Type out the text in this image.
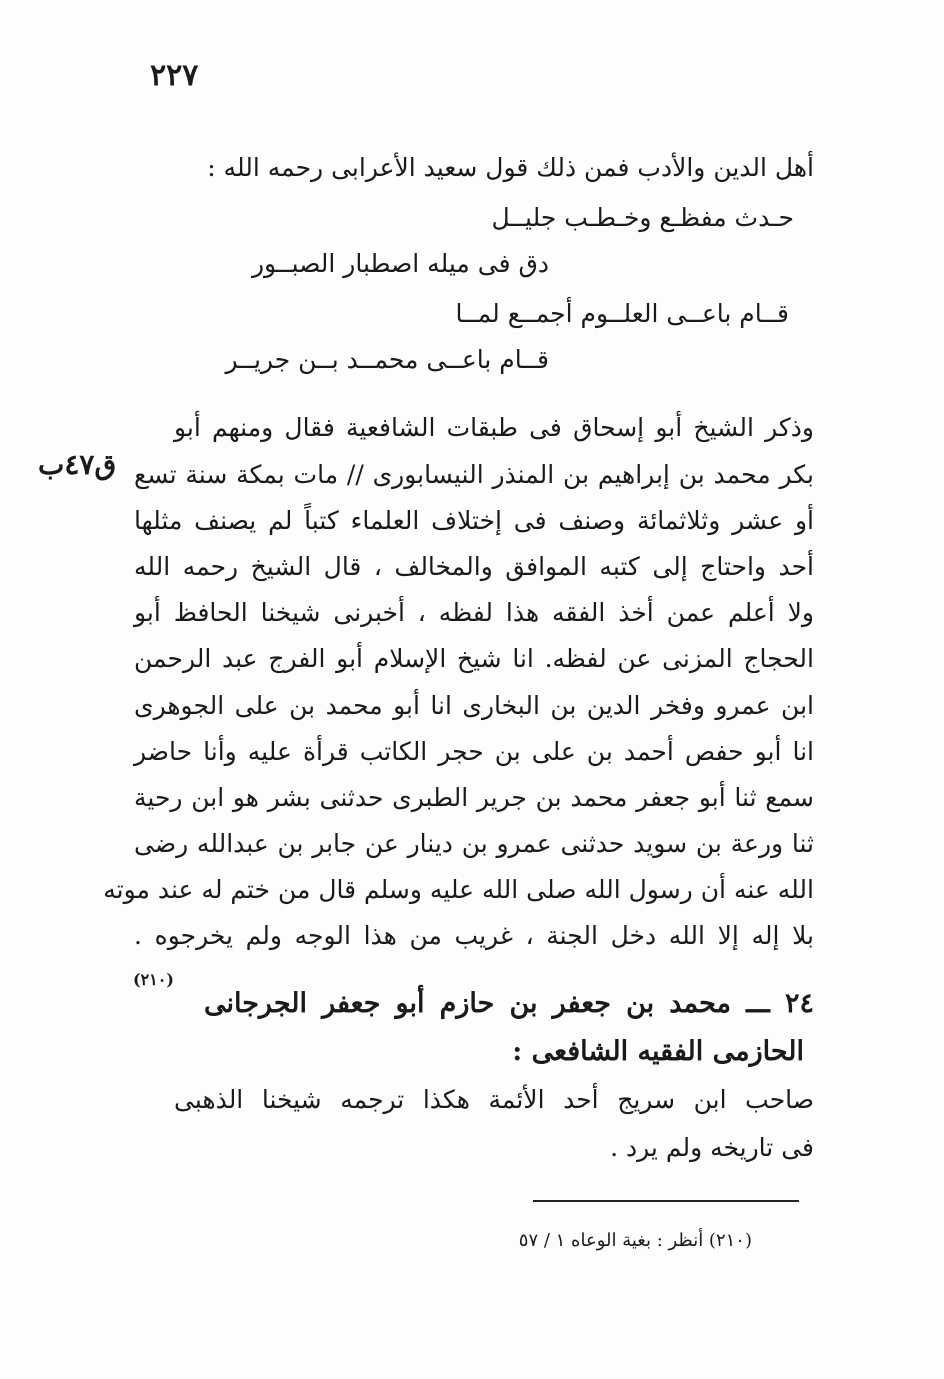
٢٢٧
أهل الدين والأدب فمن ذلك قول سعيد الأعرابى رحمه الله :
حـدث مفظـع وخـطـب جليــل
دق فى ميله اصطبار الصبــور
قــام باعــى العلــوم أجمــع لمــا
قــام باعــى محمــد بــن جريــر
ق٤٧ب
وذكر الشيخ أبو إسحاق فى طبقات الشافعية فقال ومنهم أبو
بكر محمد بن إبراهيم بن المنذر النيسابورى // مات بمكة سنة تسع
أو عشر وثلاثمائة وصنف فى إختلاف العلماء كتباً لم يصنف مثلها
أحد واحتاج إلى كتبه الموافق والمخالف ، قال الشيخ رحمه الله
ولا أعلم عمن أخذ الفقه هذا لفظه ، أخبرنى شيخنا الحافظ أبو
الحجاج المزنى عن لفظه. انا شيخ الإسلام أبو الفرج عبد الرحمن
ابن عمرو وفخر الدين بن البخارى انا أبو محمد بن على الجوهرى
انا أبو حفص أحمد بن على بن حجر الكاتب قرأة عليه وأنا حاضر
سمع ثنا أبو جعفر محمد بن جرير الطبرى حدثنى بشر هو ابن رحية
ثنا ورعة بن سويد حدثنى عمرو بن دينار عن جابر بن عبدالله رضى
الله عنه أن رسول الله صلى الله عليه وسلم قال من ختم له عند موته
بلا إله إلا الله دخل الجنة ، غريب من هذا الوجه ولم يخرجوه .
(٢١٠)
٢٤ ـــ محمد بن جعفر بن حازم أبو جعفر الجرجانى
الحازمى الفقيه الشافعى :
صاحب ابن سريج أحد الأئمة هكذا ترجمه شيخنا الذهبى
فى تاريخه ولم يرد .
(٢١٠) أنظر : بغية الوعاه ١ / ٥٧
